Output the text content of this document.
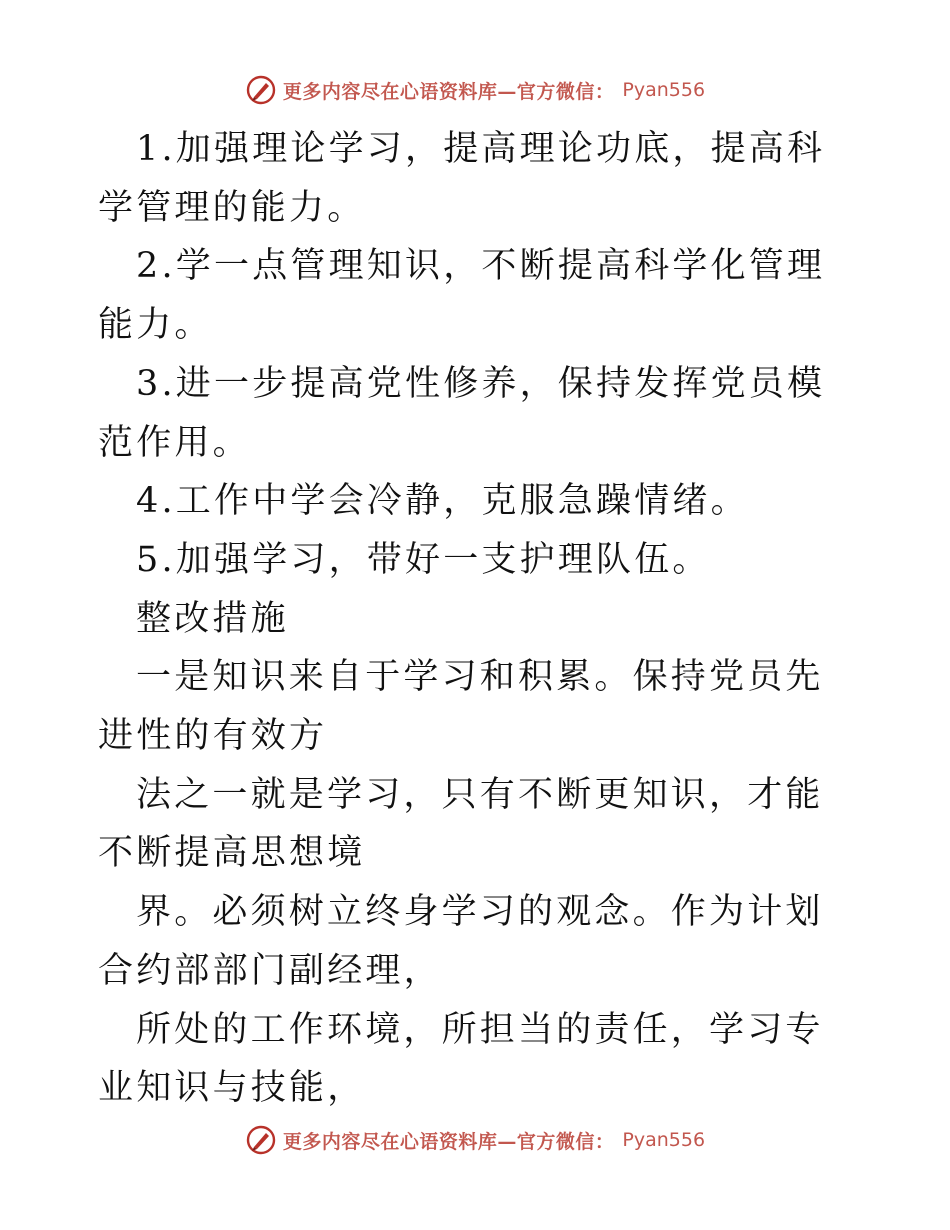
更多内容尽在心语资料库—官方微信： Pyan556

1.加强理论学习，提高理论功底，提高科学管理的能力。

2.学一点管理知识，不断提高科学化管理能力。

3.进一步提高党性修养，保持发挥党员模范作用。

4.工作中学会冷静，克服急躁情绪。

5.加强学习，带好一支护理队伍。

整改措施

一是知识来自于学习和积累。保持党员先进性的有效方

法之一就是学习，只有不断更知识，才能不断提高思想境

界。必须树立终身学习的观念。作为计划合约部部门副经理，

所处的工作环境，所担当的责任，学习专业知识与技能，

更多内容尽在心语资料库—官方微信： Pyan556
